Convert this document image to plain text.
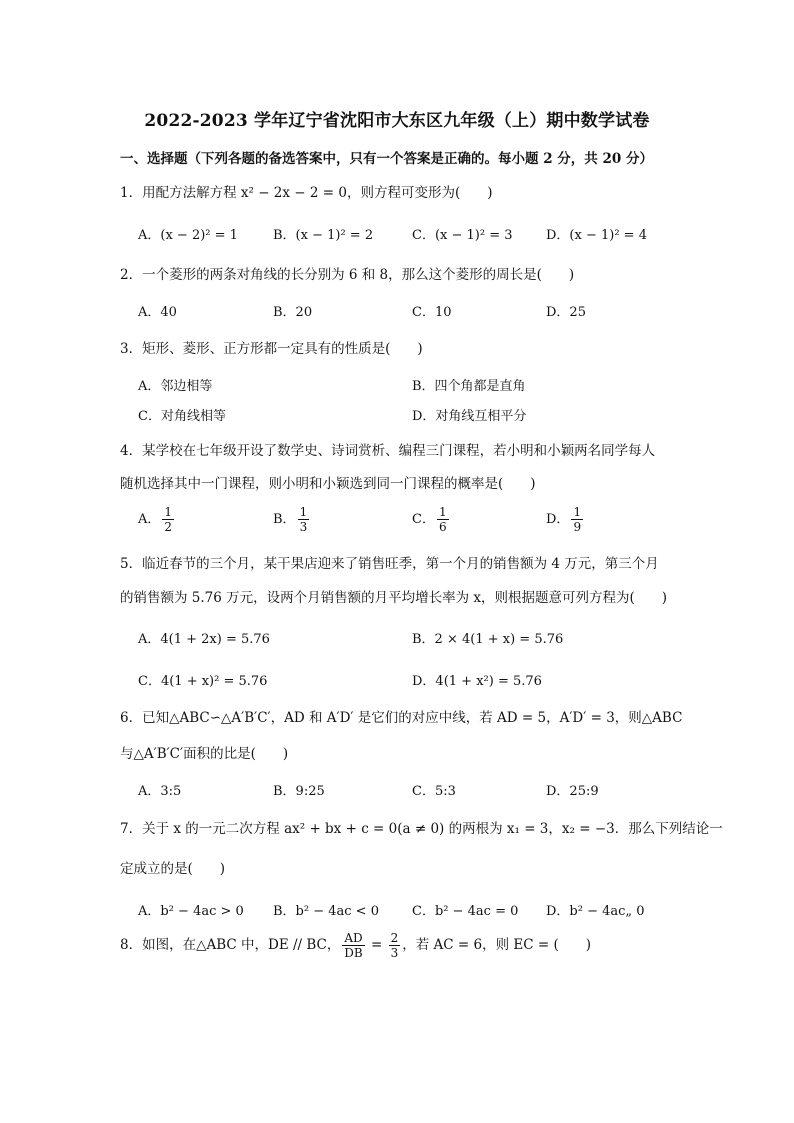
2022-2023 学年辽宁省沈阳市大东区九年级（上）期中数学试卷
一、选择题（下列各题的备选答案中，只有一个答案是正确的。每小题 2 分，共 20 分）
1．用配方法解方程 x² − 2x − 2 = 0，则方程可变形为(　　)
A．(x − 2)² = 1	B．(x − 1)² = 2	C．(x − 1)² = 3	D．(x − 1)² = 4
2．一个菱形的两条对角线的长分别为 6 和 8，那么这个菱形的周长是(　　)
A．40	B．20	C．10	D．25
3．矩形、菱形、正方形都一定具有的性质是(　　)
A．邻边相等	B．四个角都是直角
C．对角线相等	D．对角线互相平分
4．某学校在七年级开设了数学史、诗词赏析、编程三门课程，若小明和小颖两名同学每人
随机选择其中一门课程，则小明和小颖选到同一门课程的概率是(　　)
A． $\frac{1}{2}$	B． $\frac{1}{3}$	C． $\frac{1}{6}$	D． $\frac{1}{9}$
5．临近春节的三个月，某干果店迎来了销售旺季，第一个月的销售额为 4 万元，第三个月
的销售额为 5.76 万元，设两个月销售额的月平均增长率为 x，则根据题意可列方程为(　　)
A．4(1 + 2x) = 5.76	B．2 × 4(1 + x) = 5.76
C．4(1 + x)² = 5.76	D．4(1 + x²) = 5.76
6．已知△ABC∽△A′B′C′，AD 和 A′D′ 是它们的对应中线，若 AD = 5，A′D′ = 3，则△ABC
与△A′B′C′面积的比是(　　)
A．3:5	B．9:25	C．5:3	D．25:9
7．关于 x 的一元二次方程 ax² + bx + c = 0(a ≠ 0) 的两根为 x₁ = 3，x₂ = −3．那么下列结论一
定成立的是(　　)
A．b² − 4ac > 0 B．b² − 4ac < 0	C．b² − 4ac = 0 D．b² − 4ac„ 0
8．如图，在△ABC 中，DE // BC， $\frac{AD}{DB} = \frac{2}{3}$ ，若 AC = 6，则 EC = (　　)
